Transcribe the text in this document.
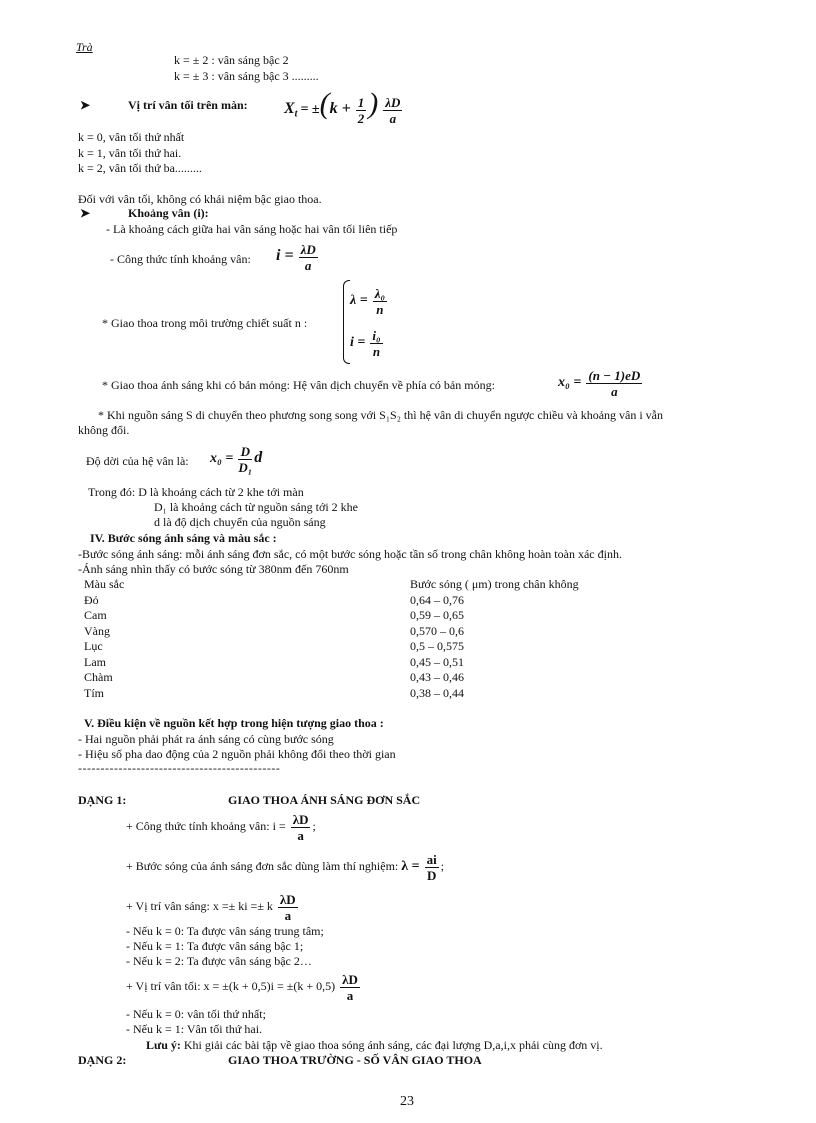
Trà
k = ± 2 : vân sáng bậc 2
k = ± 3 : vân sáng bậc 3 .........
➤	Vị trí vân tối trên màn: $X_t = \pm(k + \frac{1}{2}$ ) $\frac{\lambda D}{a}$
k = 0, vân tối thứ nhất
k = 1, vân tối thứ hai.
k = 2, vân tối thứ ba.........
Đối với vân tối, không có khái niệm bậc giao thoa.
➤	Khoảng vân (i):
- Là khoảng cách giữa hai vân sáng hoặc hai vân tối liên tiếp
- Công thức tính khoảng vân: $i = \frac{\lambda D}{a}$
* Giao thoa trong môi trường chiết suất n :
$\lambda = \frac{\text{λ₀}}{n}$
$i = \frac{\text{i₀}}{n}$
* Giao thoa ánh sáng khi có bản mỏng: Hệ vân dịch chuyển về phía có bản mỏng:	$x_0 = \frac{(n - 1)eD}{a}$
* Khi nguồn sáng S di chuyển theo phương song song với S₁S₂ thì hệ vân di chuyển ngược chiều và khoảng vân i vẫn
không đổi.
Độ dời của hệ vân là: $x_0 = \frac{D}{\text{D₁}}$ d
Trong đó: D là khoảng cách từ 2 khe tới màn
D₁ là khoảng cách từ nguồn sáng tới 2 khe
d là độ dịch chuyển của nguồn sáng
IV. Bước sóng ánh sáng và màu sắc :
-Bước sóng ánh sáng: mỗi ánh sáng đơn sắc, có một bước sóng hoặc tần số trong chân không hoàn toàn xác định.
-Ánh sáng nhìn thấy có bước sóng từ 380nm đến 760nm
Màu sắc	Bước sóng ( μm) trong chân không
Đỏ	0,64 – 0,76
Cam	0,59 – 0,65
Vàng	0,570 – 0,6
Lục	0,5 – 0,575
Lam	0,45 – 0,51
Chàm	0,43 – 0,46
Tím	0,38 – 0,44
V. Điều kiện về nguồn kết hợp trong hiện tượng giao thoa :
- Hai nguồn phải phát ra ánh sáng có cùng bước sóng
- Hiệu số pha dao động của 2 nguồn phải không đổi theo thời gian
---------------------------------------------
DẠNG 1:	GIAO THOA ÁNH SÁNG ĐƠN SẮC
+ Công thức tính khoảng vân: $i = \frac{\lambda D}{a}$ ;
+ Bước sóng của ánh sáng đơn sắc dùng làm thí nghiệm: $\lambda = \frac{ai}{D}$ ;
+ Vị trí vân sáng: x =± ki =± k $\frac{\lambda D}{a}$
- Nếu k = 0: Ta được vân sáng trung tâm;
- Nếu k = 1: Ta được vân sáng bậc 1;
- Nếu k = 2: Ta được vân sáng bậc 2…
+ Vị trí vân tối: $x = \pm(k + 0,5)i = \pm(k + 0,5) \frac{\lambda D}{a}$
- Nếu k = 0: vân tối thứ nhất;
- Nếu k = 1: Vân tối thứ hai.
Lưu ý: Khi giải các bài tập về giao thoa sóng ánh sáng, các đại lượng D,a,i,x phải cùng đơn vị.
DẠNG 2:	GIAO THOA TRƯỜNG - SỐ VÂN GIAO THOA
23
